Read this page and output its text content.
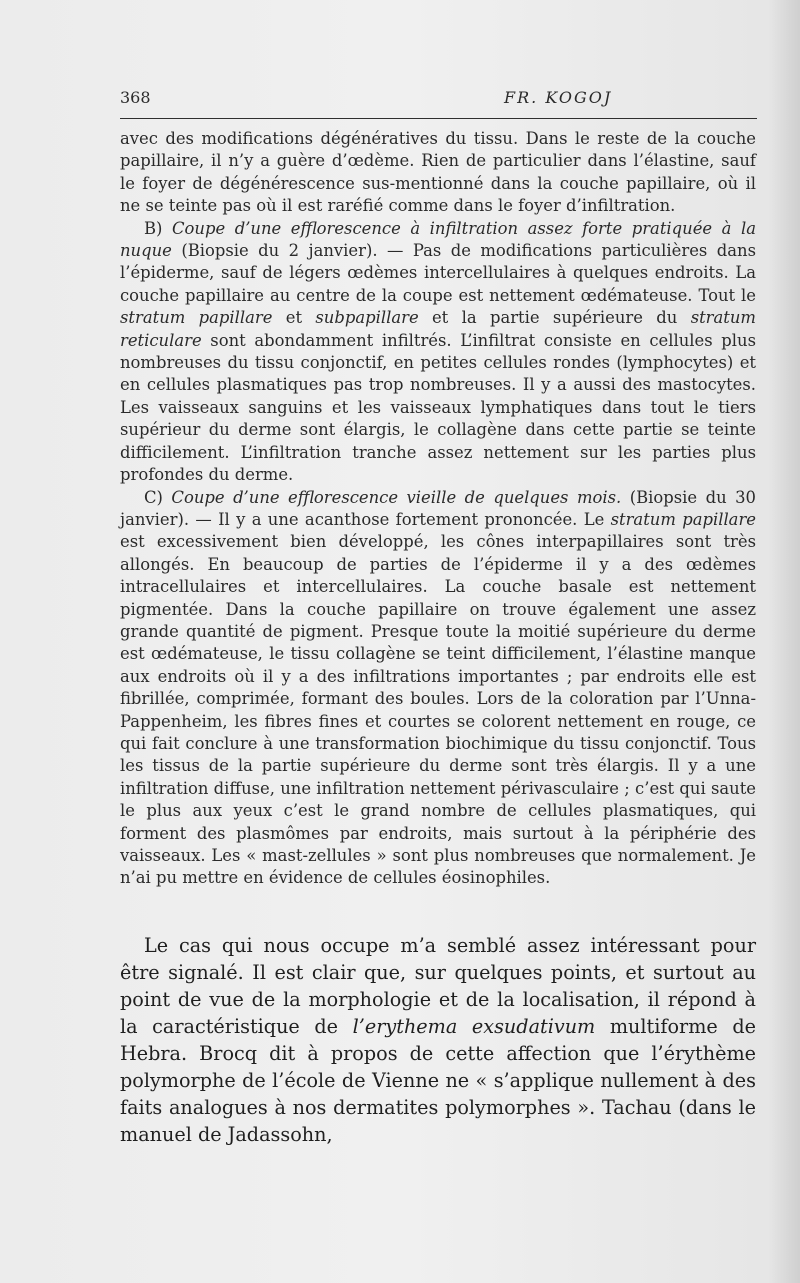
368	FR. KOGOJ

avec des modifications dégénératives du tissu. Dans le reste de la couche papillaire, il n’y a guère d’œdème. Rien de particulier dans l’élastine, sauf le foyer de dégénérescence sus-mentionné dans la couche papillaire, où il ne se teinte pas où il est raréfié comme dans le foyer d’infiltration.

B) Coupe d’une efflorescence à infiltration assez forte pratiquée à la nuque (Biopsie du 2 janvier). — Pas de modifications particulières dans l’épiderme, sauf de légers œdèmes intercellulaires à quelques endroits. La couche papillaire au centre de la coupe est nettement œdémateuse. Tout le stratum papillare et subpapillare et la partie supérieure du stratum reticulare sont abondamment infiltrés. L’infiltrat consiste en cellules plus nombreuses du tissu conjonctif, en petites cellules rondes (lymphocytes) et en cellules plasmatiques pas trop nombreuses. Il y a aussi des mastocytes. Les vaisseaux sanguins et les vaisseaux lymphatiques dans tout le tiers supérieur du derme sont élargis, le collagène dans cette partie se teinte difficilement. L’infiltration tranche assez nettement sur les parties plus profondes du derme.

C) Coupe d’une efflorescence vieille de quelques mois. (Biopsie du 30 janvier). — Il y a une acanthose fortement prononcée. Le stratum papillare est excessivement bien développé, les cônes interpapillaires sont très allongés. En beaucoup de parties de l’épiderme il y a des œdèmes intracellulaires et intercellulaires. La couche basale est nettement pigmentée. Dans la couche papillaire on trouve également une assez grande quantité de pigment. Presque toute la moitié supérieure du derme est œdémateuse, le tissu collagène se teint difficilement, l’élastine manque aux endroits où il y a des infiltrations importantes ; par endroits elle est fibrillée, comprimée, formant des boules. Lors de la coloration par l’Unna-Pappenheim, les fibres fines et courtes se colorent nettement en rouge, ce qui fait conclure à une transformation biochimique du tissu conjonctif. Tous les tissus de la partie supérieure du derme sont très élargis. Il y a une infiltration diffuse, une infiltration nettement périvasculaire ; c’est qui saute le plus aux yeux c’est le grand nombre de cellules plasmatiques, qui forment des plasmômes par endroits, mais surtout à la périphérie des vaisseaux. Les « mast-zellules » sont plus nombreuses que normalement. Je n’ai pu mettre en évidence de cellules éosinophiles.

Le cas qui nous occupe m’a semblé assez intéressant pour être signalé. Il est clair que, sur quelques points, et surtout au point de vue de la morphologie et de la localisation, il répond à la caractéristique de l’erythema exsudativum multiforme de Hebra. Brocq dit à propos de cette affection que l’érythème polymorphe de l’école de Vienne ne « s’applique nullement à des faits analogues à nos dermatites polymorphes ». Tachau (dans le manuel de Jadassohn,
